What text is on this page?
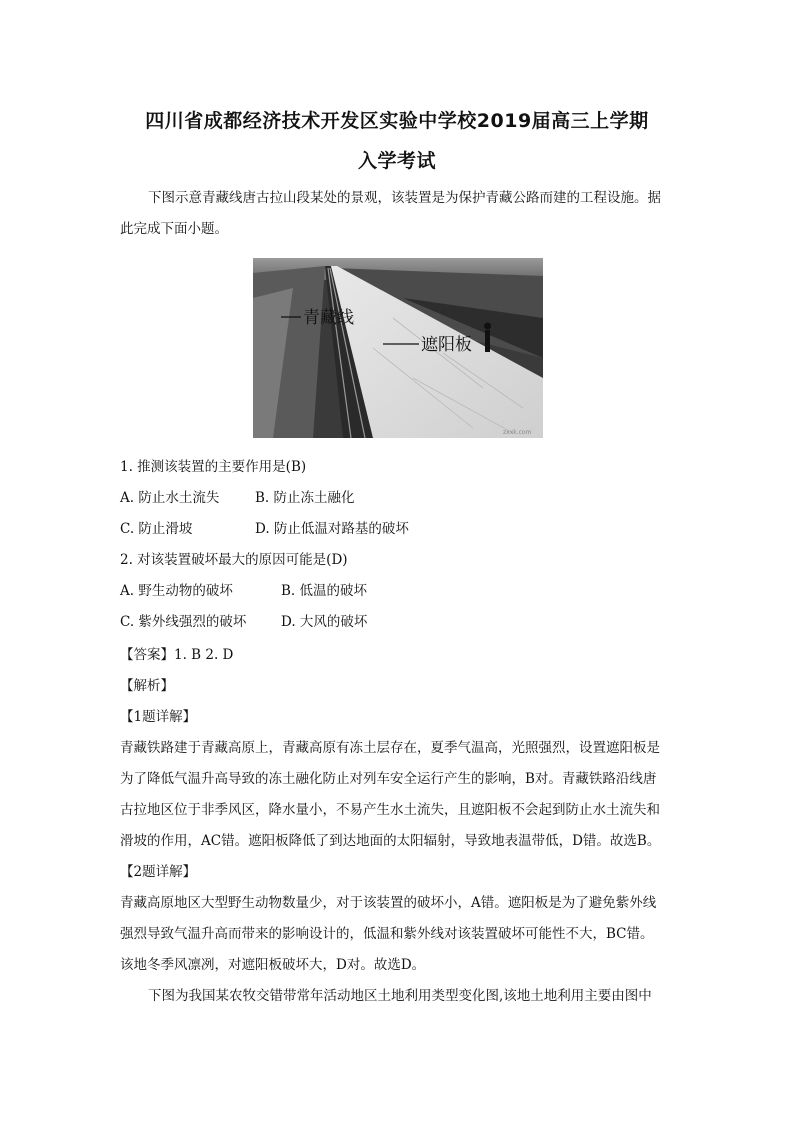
四川省成都经济技术开发区实验中学校2019届高三上学期
入学考试
下图示意青藏线唐古拉山段某处的景观，该装置是为保护青藏公路而建的工程设施。据
此完成下面小题。
青藏线
遮阳板
zxxk.com
1. 推测该装置的主要作用是(B)
A. 防止水土流失	B. 防止冻土融化
C. 防止滑坡	D. 防止低温对路基的破坏
2. 对该装置破坏最大的原因可能是(D)
A. 野生动物的破坏	B. 低温的破坏
C. 紫外线强烈的破坏	D. 大风的破坏
【答案】1. B 2. D
【解析】
【1题详解】
青藏铁路建于青藏高原上，青藏高原有冻土层存在，夏季气温高，光照强烈，设置遮阳板是
为了降低气温升高导致的冻土融化防止对列车安全运行产生的影响，B对。青藏铁路沿线唐
古拉地区位于非季风区，降水量小，不易产生水土流失，且遮阳板不会起到防止水土流失和
滑坡的作用，AC错。遮阳板降低了到达地面的太阳辐射，导致地表温带低，D错。故选B。
【2题详解】
青藏高原地区大型野生动物数量少，对于该装置的破坏小，A错。遮阳板是为了避免紫外线
强烈导致气温升高而带来的影响设计的，低温和紫外线对该装置破坏可能性不大，BC错。
该地冬季风凛冽，对遮阳板破坏大，D对。故选D。
下图为我国某农牧交错带常年活动地区土地利用类型变化图,该地土地利用主要由图中
